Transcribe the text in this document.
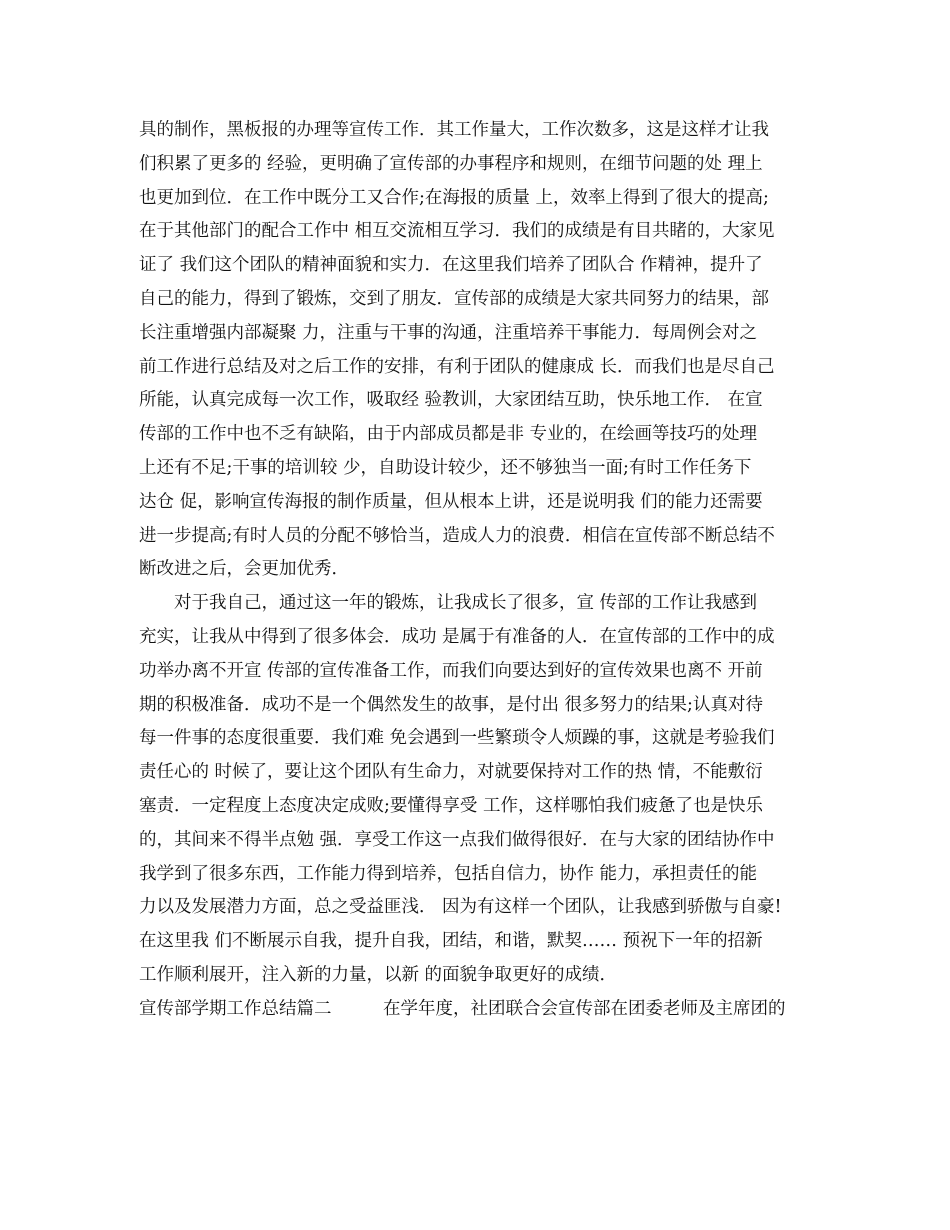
具的制作，黑板报的办理等宣传工作．其工作量大，工作次数多，这是这样才让我
们积累了更多的 经验，更明确了宣传部的办事程序和规则，在细节问题的处 理上
也更加到位．在工作中既分工又合作;在海报的质量 上，效率上得到了很大的提高;
在于其他部门的配合工作中 相互交流相互学习．我们的成绩是有目共睹的，大家见
证了 我们这个团队的精神面貌和实力．在这里我们培养了团队合 作精神，提升了
自己的能力，得到了锻炼，交到了朋友．宣传部的成绩是大家共同努力的结果，部
长注重增强内部凝聚 力，注重与干事的沟通，注重培养干事能力．每周例会对之
前工作进行总结及对之后工作的安排，有利于团队的健康成 长．而我们也是尽自己
所能，认真完成每一次工作，吸取经 验教训，大家团结互助，快乐地工作． 在宣
传部的工作中也不乏有缺陷，由于内部成员都是非 专业的，在绘画等技巧的处理
上还有不足;干事的培训较 少，自助设计较少，还不够独当一面;有时工作任务下
达仓 促，影响宣传海报的制作质量，但从根本上讲，还是说明我 们的能力还需要
进一步提高;有时人员的分配不够恰当，造成人力的浪费．相信在宣传部不断总结不
断改进之后，会更加优秀．
对于我自己，通过这一年的锻炼，让我成长了很多，宣 传部的工作让我感到
充实，让我从中得到了很多体会．成功 是属于有准备的人．在宣传部的工作中的成
功举办离不开宣 传部的宣传准备工作，而我们向要达到好的宣传效果也离不 开前
期的积极准备．成功不是一个偶然发生的故事，是付出 很多努力的结果;认真对待
每一件事的态度很重要．我们难 免会遇到一些繁琐令人烦躁的事，这就是考验我们
责任心的 时候了，要让这个团队有生命力，对就要保持对工作的热 情，不能敷衍
塞责．一定程度上态度决定成败;要懂得享受 工作，这样哪怕我们疲惫了也是快乐
的，其间来不得半点勉 强．享受工作这一点我们做得很好．在与大家的团结协作中
我学到了很多东西，工作能力得到培养，包括自信力，协作 能力，承担责任的能
力以及发展潜力方面，总之受益匪浅． 因为有这样一个团队，让我感到骄傲与自豪!
在这里我 们不断展示自我，提升自我，团结，和谐，默契…… 预祝下一年的招新
工作顺利展开，注入新的力量，以新 的面貌争取更好的成绩．
宣传部学期工作总结篇二	在学年度，社团联合会宣传部在团委老师及主席团的
